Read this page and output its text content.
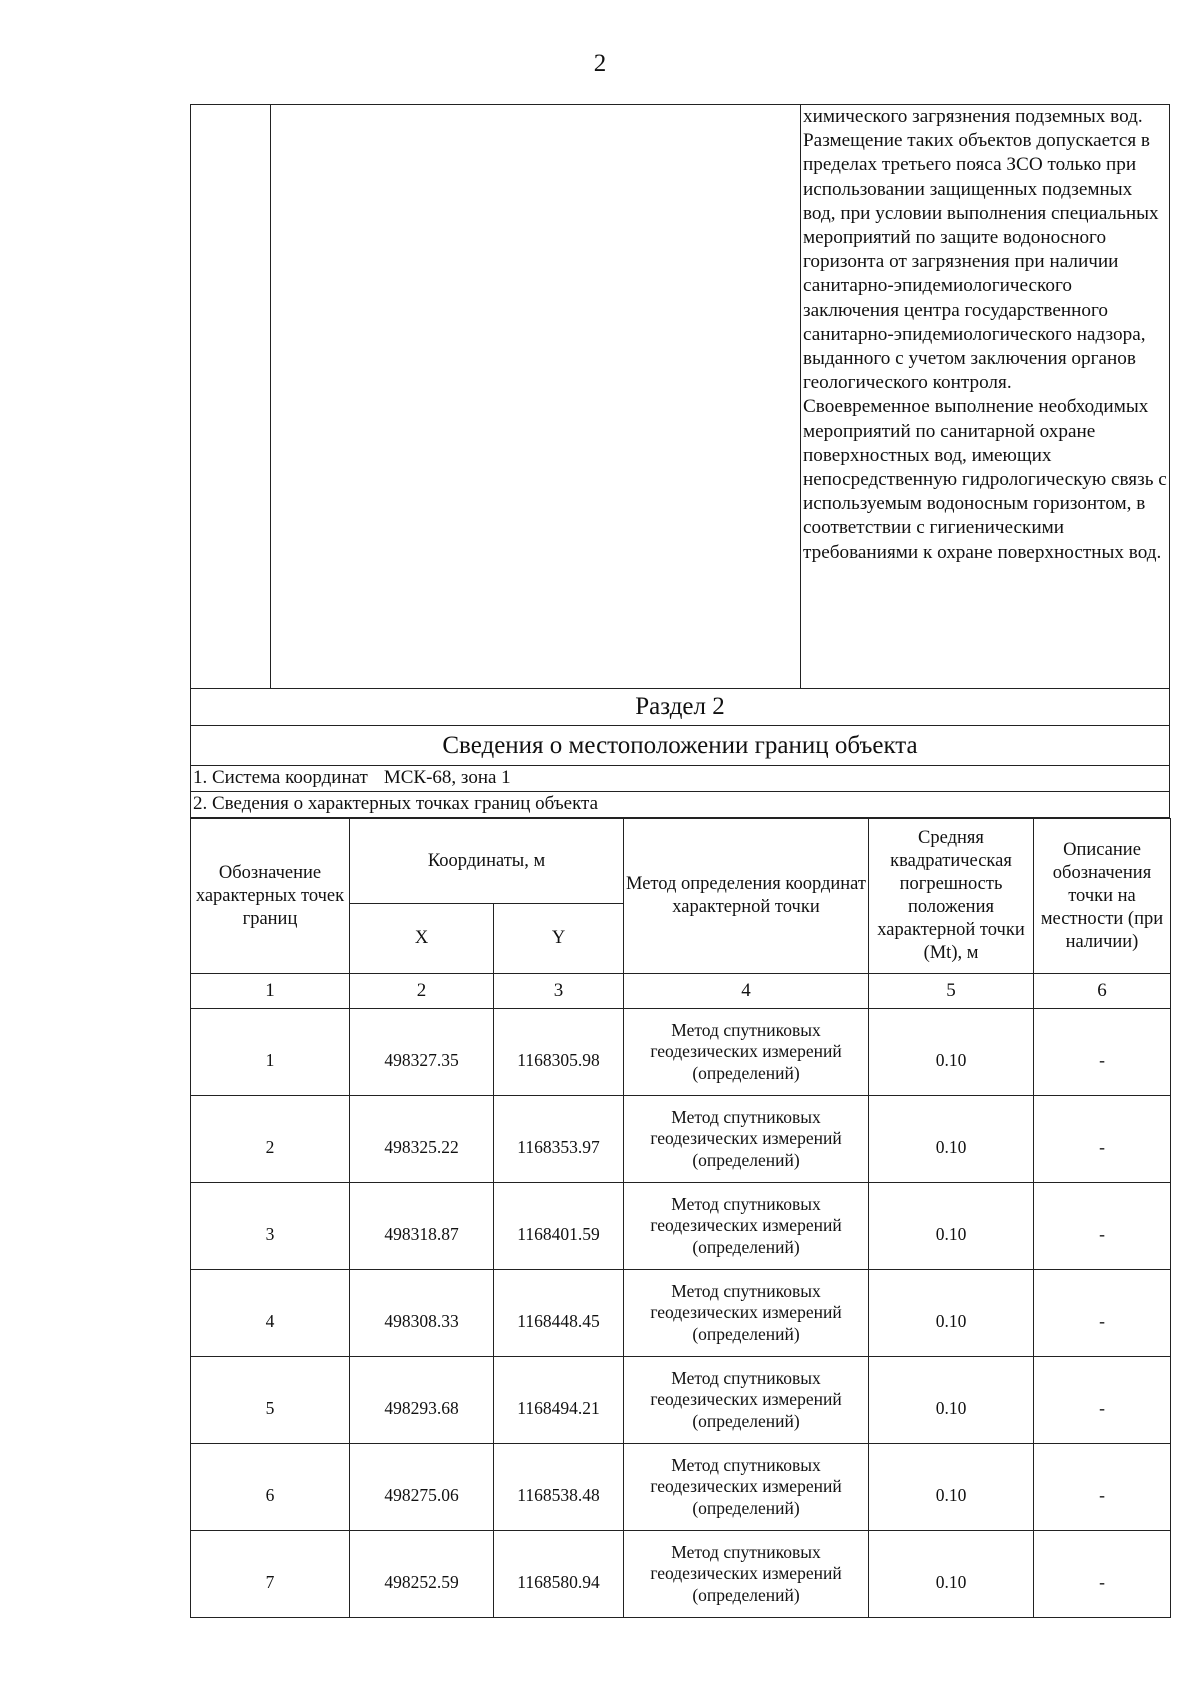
2

химического загрязнения подземных вод.

Размещение таких объектов допускается в пределах третьего пояса ЗСО только при использовании защищенных подземных вод, при условии выполнения специальных мероприятий по защите водоносного горизонта от загрязнения при наличии санитарно-эпидемиологического заключения центра государственного санитарно-эпидемиологического надзора, выданного с учетом заключения органов геологического контроля.

Своевременное выполнение необходимых мероприятий по санитарной охране поверхностных вод, имеющих непосредственную гидрологическую связь с используемым водоносным горизонтом, в соответствии с гигиеническими требованиями к охране поверхностных вод.

Раздел 2
Сведения о местоположении границ объекта
1. Система координат МСК-68, зона 1
2. Сведения о характерных точках границ объекта
Обозначение характерных точек границ	Координаты, м		Метод определения координат характерной точки	Средняя квадратическая погрешность положения характерной точки (Mt), м	Описание обозначения точки на местности (при наличии)
	X	Y			
1	2	3	4	5	6
1	498327.35	1168305.98	Метод спутниковых геодезических измерений (определений)	0.10	-
2	498325.22	1168353.97	Метод спутниковых геодезических измерений (определений)	0.10	-
3	498318.87	1168401.59	Метод спутниковых геодезических измерений (определений)	0.10	-
4	498308.33	1168448.45	Метод спутниковых геодезических измерений (определений)	0.10	-
5	498293.68	1168494.21	Метод спутниковых геодезических измерений (определений)	0.10	-
6	498275.06	1168538.48	Метод спутниковых геодезических измерений (определений)	0.10	-
7	498252.59	1168580.94	Метод спутниковых геодезических измерений (определений)	0.10	-
